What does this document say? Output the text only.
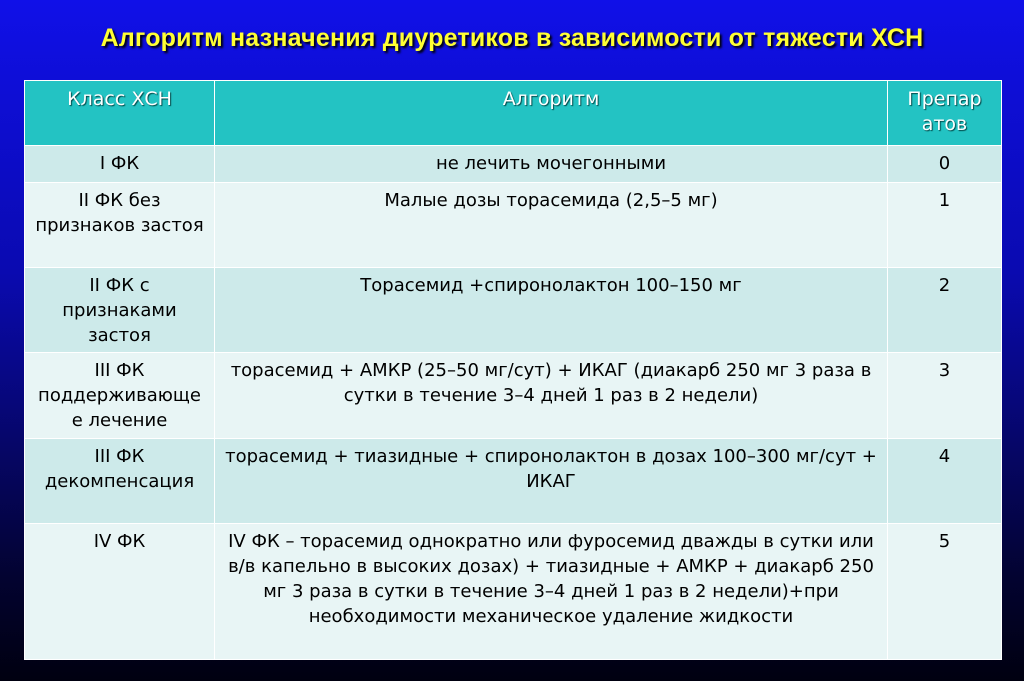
Алгоритм назначения диуретиков в зависимости от тяжести ХСН
Класс ХСН	Алгоритм	Препар атов
I ФК	не лечить мочегонными	0
II ФК без признаков застоя	Малые дозы торасемида (2,5–5 мг)	1
II ФК с признаками застоя	Торасемид +спиронолактон 100–150 мг	2
III ФК поддерживающе е лечение	торасемид + АМКР (25–50 мг/сут) + ИКАГ (диакарб 250 мг 3 раза в сутки в течение 3–4 дней 1 раз в 2 недели)	3
III ФК декомпенсация	торасемид + тиазидные + спиронолактон в дозах 100–300 мг/сут + ИКАГ	4
IV ФК	IV ФК – торасемид однократно или фуросемид дважды в сутки или в/в капельно в высоких дозах) + тиазидные + АМКР + диакарб 250 мг 3 раза в сутки в течение 3–4 дней 1 раз в 2 недели)+при необходимости механическое удаление жидкости	5
